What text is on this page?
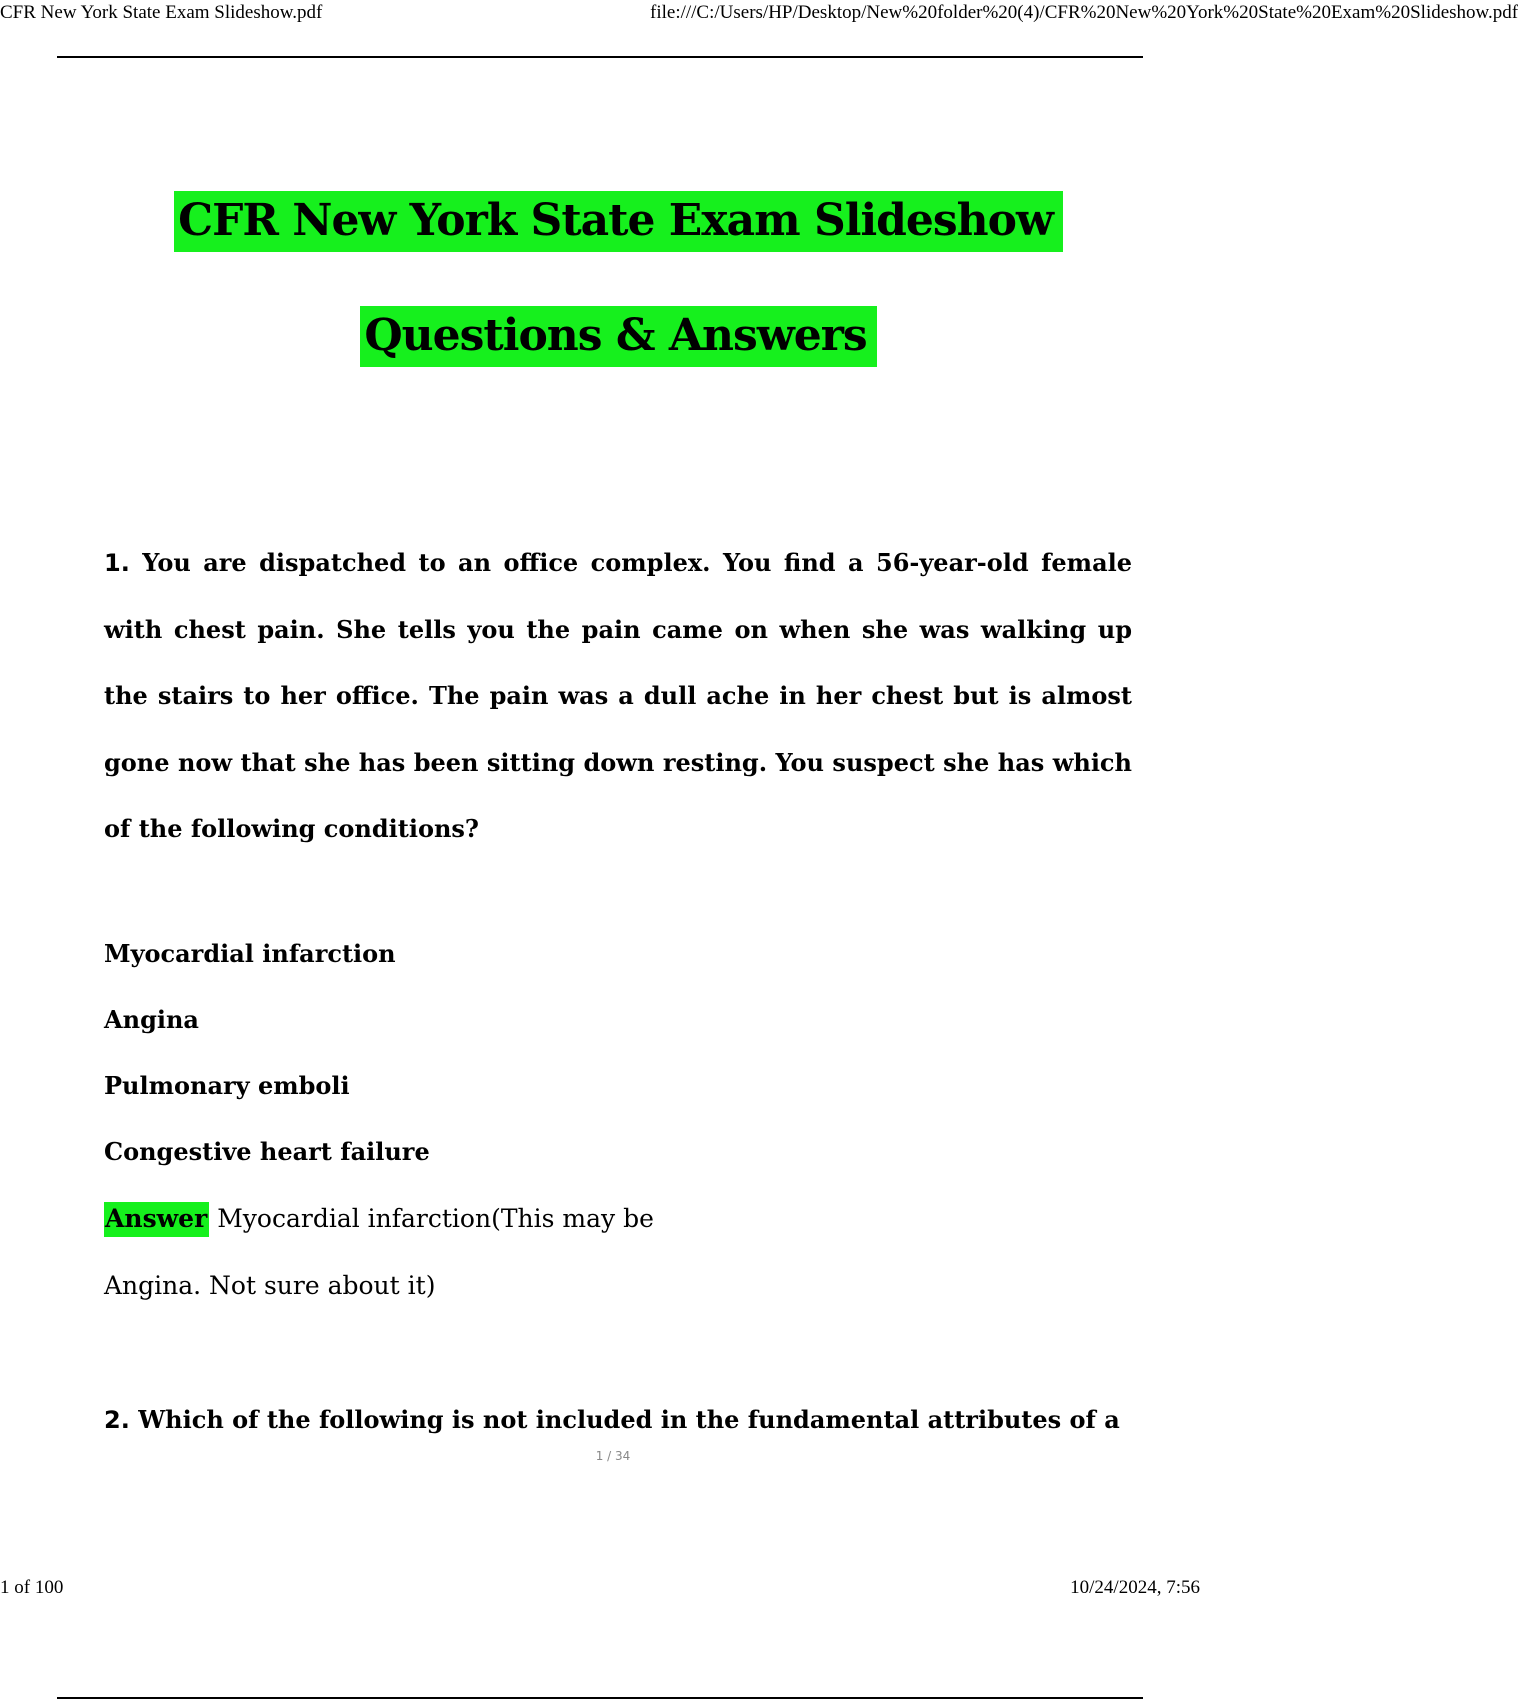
CFR New York State Exam Slideshow.pdf	file:///C:/Users/HP/Desktop/New%20folder%20(4)/CFR%20New%20York%20State%20Exam%20Slideshow.pdf
CFR New York State Exam Slideshow
Questions & Answers
1. You are dispatched to an office complex. You find a 56-year-old female with chest pain. She tells you the pain came on when she was walking up the stairs to her office. The pain was a dull ache in her chest but is almost gone now that she has been sitting down resting. You suspect she has which of the following conditions?
Myocardial infarction
Angina
Pulmonary emboli
Congestive heart failure
Answer Myocardial infarction(This may be
Angina. Not sure about it)
2. Which of the following is not included in the fundamental attributes of a
1 / 34
1 of 100	10/24/2024, 7:56
